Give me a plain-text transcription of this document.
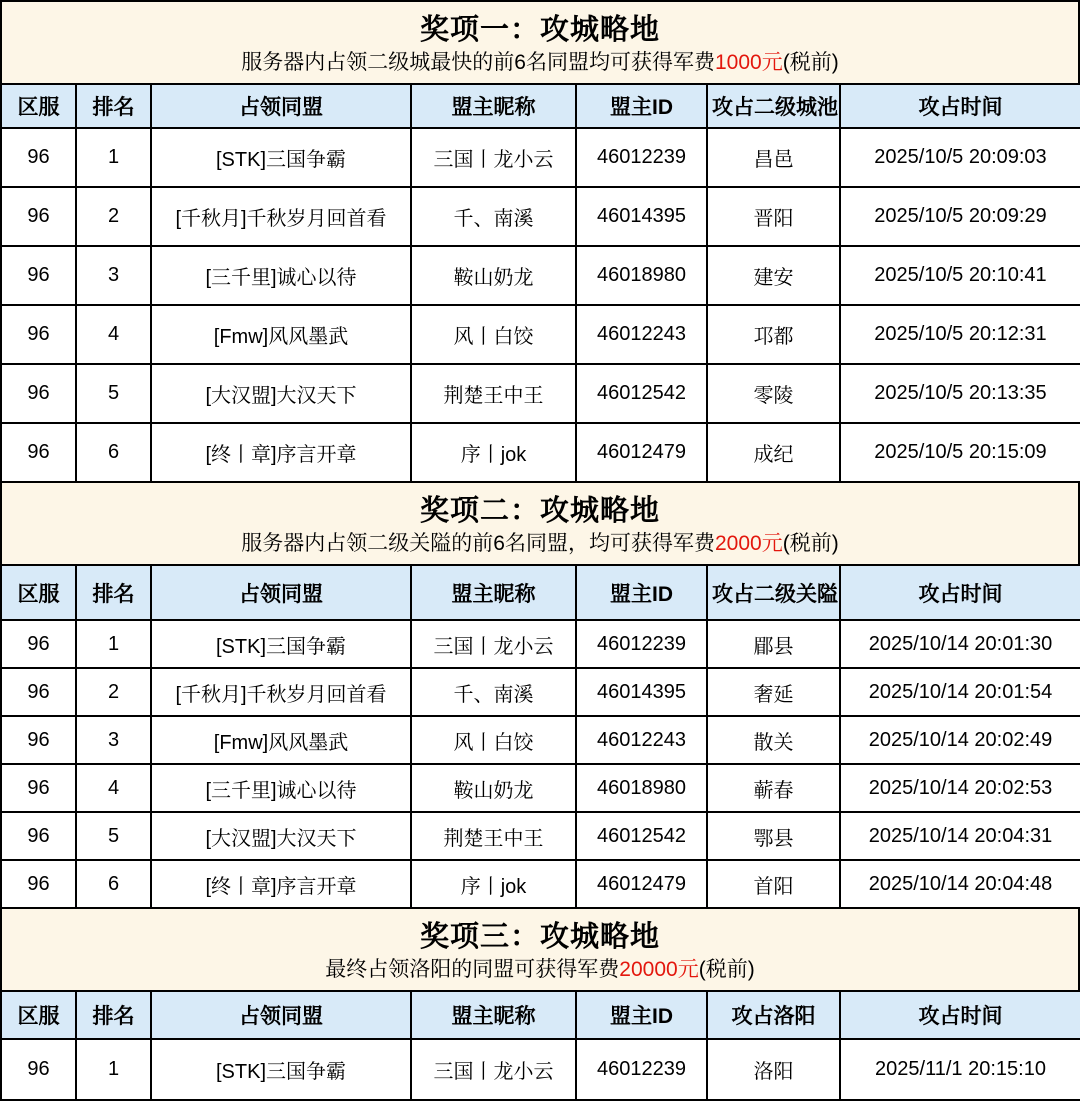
奖项一：攻城略地
服务器内占领二级城最快的前6名同盟均可获得军费1000元(税前)
区服	排名	占领同盟	盟主昵称	盟主ID	攻占二级城池	攻占时间
96	1	[STK]三国争霸	三国丨龙小云	46012239	昌邑	2025/10/5 20:09:03
96	2	[千秋月]千秋岁月回首看	千、南溪	46014395	晋阳	2025/10/5 20:09:29
96	3	[三千里]诚心以待	鞍山奶龙	46018980	建安	2025/10/5 20:10:41
96	4	[Fmw]风风墨武	风丨白饺	46012243	邛都	2025/10/5 20:12:31
96	5	[大汉盟]大汉天下	荆楚王中王	46012542	零陵	2025/10/5 20:13:35
96	6	[终丨章]序言开章	序丨jok	46012479	成纪	2025/10/5 20:15:09
奖项二：攻城略地
服务器内占领二级关隘的前6名同盟，均可获得军费2000元(税前)
区服	排名	占领同盟	盟主昵称	盟主ID	攻占二级关隘	攻占时间
96	1	[STK]三国争霸	三国丨龙小云	46012239	郿县	2025/10/14 20:01:30
96	2	[千秋月]千秋岁月回首看	千、南溪	46014395	奢延	2025/10/14 20:01:54
96	3	[Fmw]风风墨武	风丨白饺	46012243	散关	2025/10/14 20:02:49
96	4	[三千里]诚心以待	鞍山奶龙	46018980	蕲春	2025/10/14 20:02:53
96	5	[大汉盟]大汉天下	荆楚王中王	46012542	鄂县	2025/10/14 20:04:31
96	6	[终丨章]序言开章	序丨jok	46012479	首阳	2025/10/14 20:04:48
奖项三：攻城略地
最终占领洛阳的同盟可获得军费20000元(税前)
区服	排名	占领同盟	盟主昵称	盟主ID	攻占洛阳	攻占时间
96	1	[STK]三国争霸	三国丨龙小云	46012239	洛阳	2025/11/1 20:15:10
